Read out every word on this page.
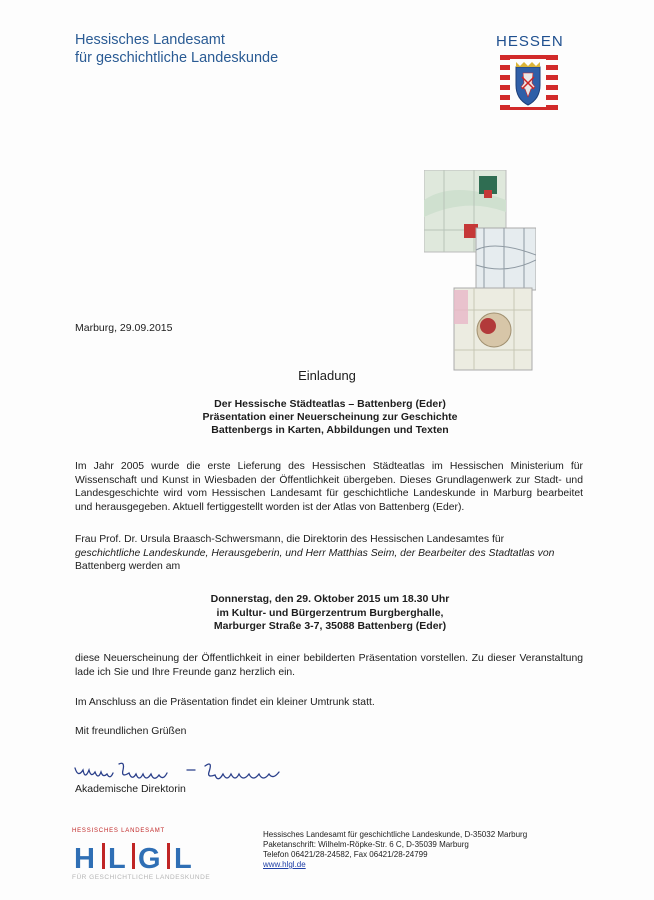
Hessisches Landesamt
für geschichtliche Landeskunde
HESSEN
Marburg, 29.09.2015
Einladung
Der Hessische Städteatlas – Battenberg (Eder)
Präsentation einer Neuerscheinung zur Geschichte
Battenbergs in Karten, Abbildungen und Texten
Im Jahr 2005 wurde die erste Lieferung des Hessischen Städteatlas im Hessischen Ministerium für Wissenschaft und Kunst in Wiesbaden der Öffentlichkeit übergeben. Dieses Grundlagenwerk zur Stadt- und Landesgeschichte wird vom Hessischen Landesamt für geschichtliche Landeskunde in Marburg bearbeitet und herausgegeben. Aktuell fertiggestellt worden ist der Atlas von Battenberg (Eder).
Frau Prof. Dr. Ursula Braasch-Schwersmann, die Direktorin des Hessischen Landesamtes für
geschichtliche Landeskunde, Herausgeberin, und Herr Matthias Seim, der Bearbeiter des Stadtatlas von
Battenberg werden am
Donnerstag, den 29. Oktober 2015 um 18.30 Uhr
im Kultur- und Bürgerzentrum Burgberghalle,
Marburger Straße 3-7, 35088 Battenberg (Eder)
diese Neuerscheinung der Öffentlichkeit in einer bebilderten Präsentation vorstellen. Zu dieser Veranstaltung lade ich Sie und Ihre Freunde ganz herzlich ein.
Im Anschluss an die Präsentation findet ein kleiner Umtrunk statt.
Mit freundlichen Grüßen
Akademische Direktorin
HESSISCHES LANDESAMT
H L G L
FÜR GESCHICHTLICHE LANDESKUNDE
Hessisches Landesamt für geschichtliche Landeskunde, D-35032 Marburg
Paketanschrift: Wilhelm-Röpke-Str. 6 C, D-35039 Marburg
Telefon 06421/28-24582, Fax 06421/28-24799
www.hlgl.de
